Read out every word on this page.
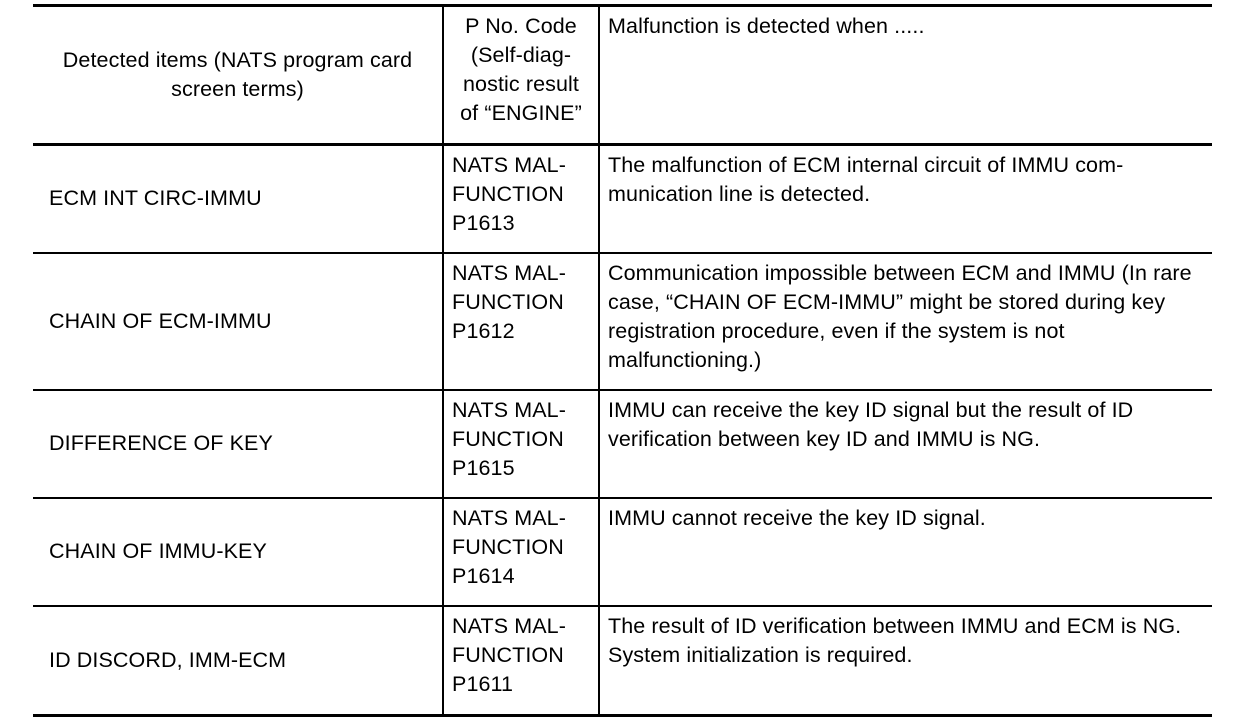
Detected items (NATS program card screen terms)	P No. Code (Self-diag-nostic result of “ENGINE”	Malfunction is detected when .....

ECM INT CIRC-IMMU	NATS MAL-FUNCTION P1613	The malfunction of ECM internal circuit of IMMU com-munication line is detected.

CHAIN OF ECM-IMMU	NATS MAL-FUNCTION P1612	Communication impossible between ECM and IMMU (In rare case, “CHAIN OF ECM-IMMU” might be stored during key registration procedure, even if the system is not malfunctioning.)

DIFFERENCE OF KEY	NATS MAL-FUNCTION P1615	IMMU can receive the key ID signal but the result of ID verification between key ID and IMMU is NG.

CHAIN OF IMMU-KEY	NATS MAL-FUNCTION P1614	IMMU cannot receive the key ID signal.

ID DISCORD, IMM-ECM	NATS MAL-FUNCTION P1611	The result of ID verification between IMMU and ECM is NG. System initialization is required.
